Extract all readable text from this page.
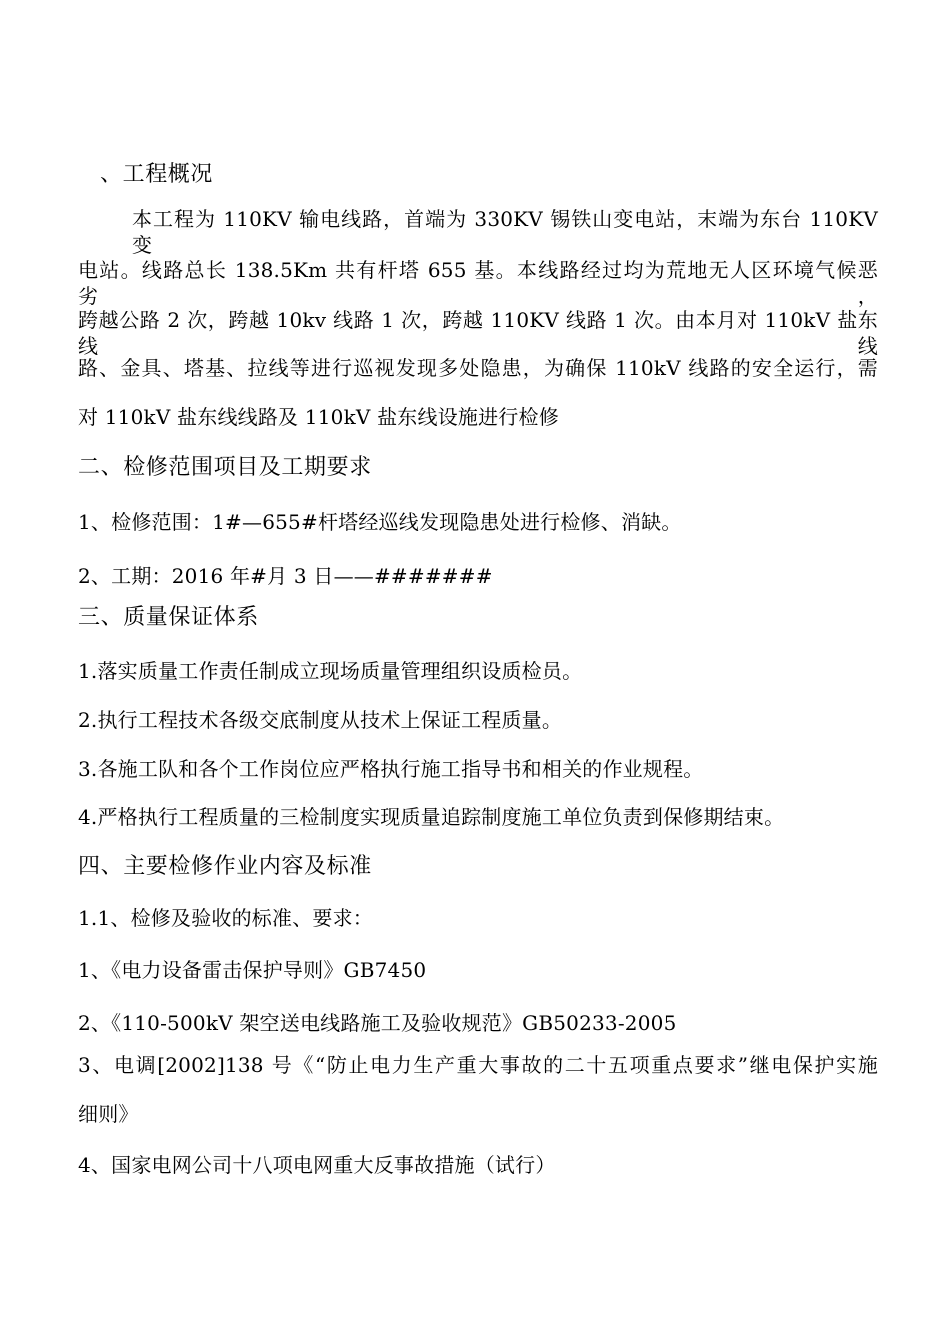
、工程概况
本工程为 110KV 输电线路，首端为 330KV 锡铁山变电站，末端为东台 110KV 变
电站。线路总长 138.5Km 共有杆塔 655 基。本线路经过均为荒地无人区环境气候恶劣，
跨越公路 2 次，跨越 10kv 线路 1 次，跨越 110KV 线路 1 次。由本月对 110kV 盐东线线
路、金具、塔基、拉线等进行巡视发现多处隐患，为确保 110kV 线路的安全运行，需
对 110kV 盐东线线路及 110kV 盐东线设施进行检修
二、检修范围项目及工期要求
1、检修范围：1#—655#杆塔经巡线发现隐患处进行检修、消缺。
2、工期：2016 年#月 3 日——#######
三、质量保证体系
1.落实质量工作责任制成立现场质量管理组织设质检员。
2.执行工程技术各级交底制度从技术上保证工程质量。
3.各施工队和各个工作岗位应严格执行施工指导书和相关的作业规程。
4.严格执行工程质量的三检制度实现质量追踪制度施工单位负责到保修期结束。
四、主要检修作业内容及标准
1.1、检修及验收的标准、要求：
1、《电力设备雷击保护导则》GB7450
2、《110-500kV 架空送电线路施工及验收规范》GB50233-2005
3、电调[2002]138 号《“防止电力生产重大事故的二十五项重点要求”继电保护实施
细则》
4、国家电网公司十八项电网重大反事故措施（试行）
